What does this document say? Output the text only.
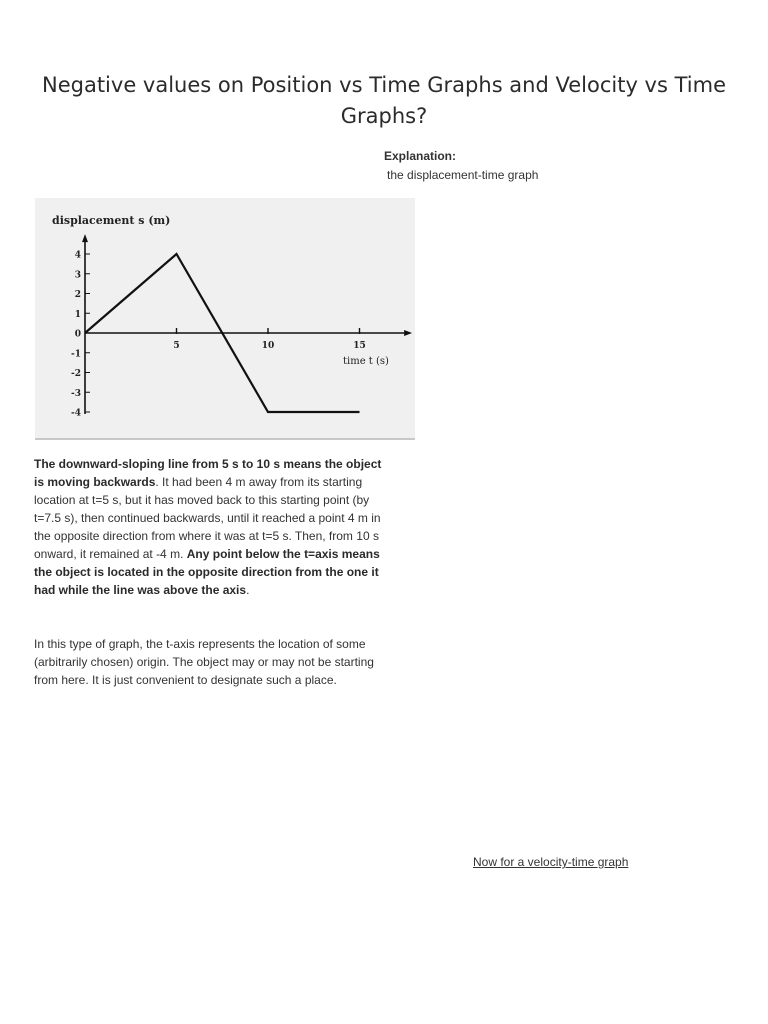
Negative values on Position vs Time Graphs and Velocity vs Time Graphs?
Explanation:
the displacement-time graph
displacement s (m)
time t (s)
4
3
2
1
0
-1
-2
-3
-4
5	10	15

The downward-sloping line from 5 s to 10 s means the object is moving backwards. It had been 4 m away from its starting location at t=5 s, but it has moved back to this starting point (by t=7.5 s), then continued backwards, until it reached a point 4 m in the opposite direction from where it was at t=5 s. Then, from 10 s onward, it remained at -4 m. Any point below the t=axis means the object is located in the opposite direction from the one it had while the line was above the axis.

In this type of graph, the t-axis represents the location of some (arbitrarily chosen) origin. The object may or may not be starting from here. It is just convenient to designate such a place.

Now for a velocity-time graph
